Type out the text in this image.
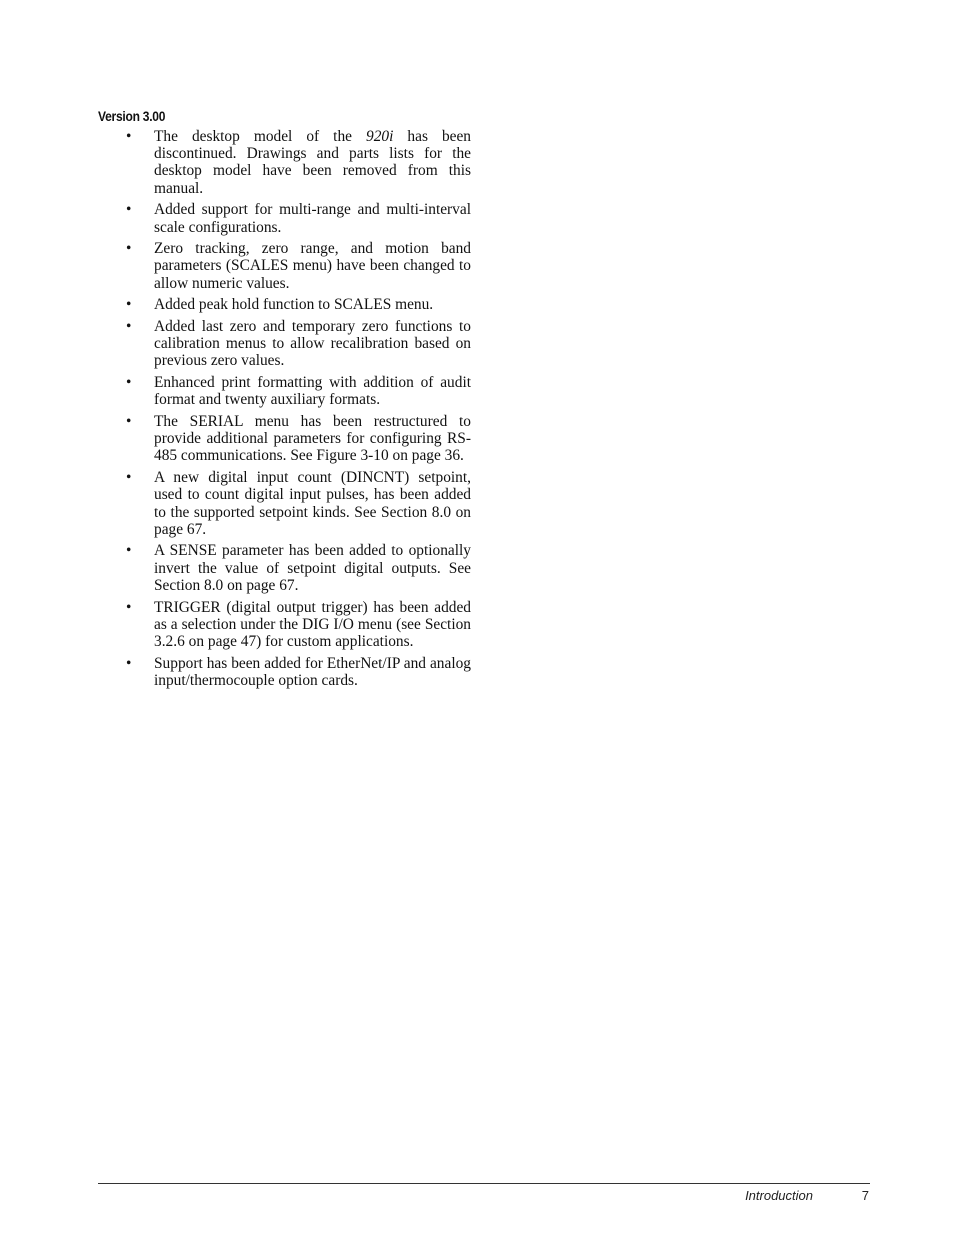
Version 3.00
• The desktop model of the 920i has been discontinued. Drawings and parts lists for the desktop model have been removed from this manual.
• Added support for multi-range and multi-interval scale configurations.
• Zero tracking, zero range, and motion band parameters (SCALES menu) have been changed to allow numeric values.
• Added peak hold function to SCALES menu.
• Added last zero and temporary zero functions to calibration menus to allow recalibration based on previous zero values.
• Enhanced print formatting with addition of audit format and twenty auxiliary formats.
• The SERIAL menu has been restructured to provide additional parameters for configuring RS-485 communications. See Figure 3-10 on page 36.
• A new digital input count (DINCNT) setpoint, used to count digital input pulses, has been added to the supported setpoint kinds. See Section 8.0 on page 67.
• A SENSE parameter has been added to optionally invert the value of setpoint digital outputs. See Section 8.0 on page 67.
• TRIGGER (digital output trigger) has been added as a selection under the DIG I/O menu (see Section 3.2.6 on page 47) for custom applications.
• Support has been added for EtherNet/IP and analog input/thermocouple option cards.
Introduction	7
